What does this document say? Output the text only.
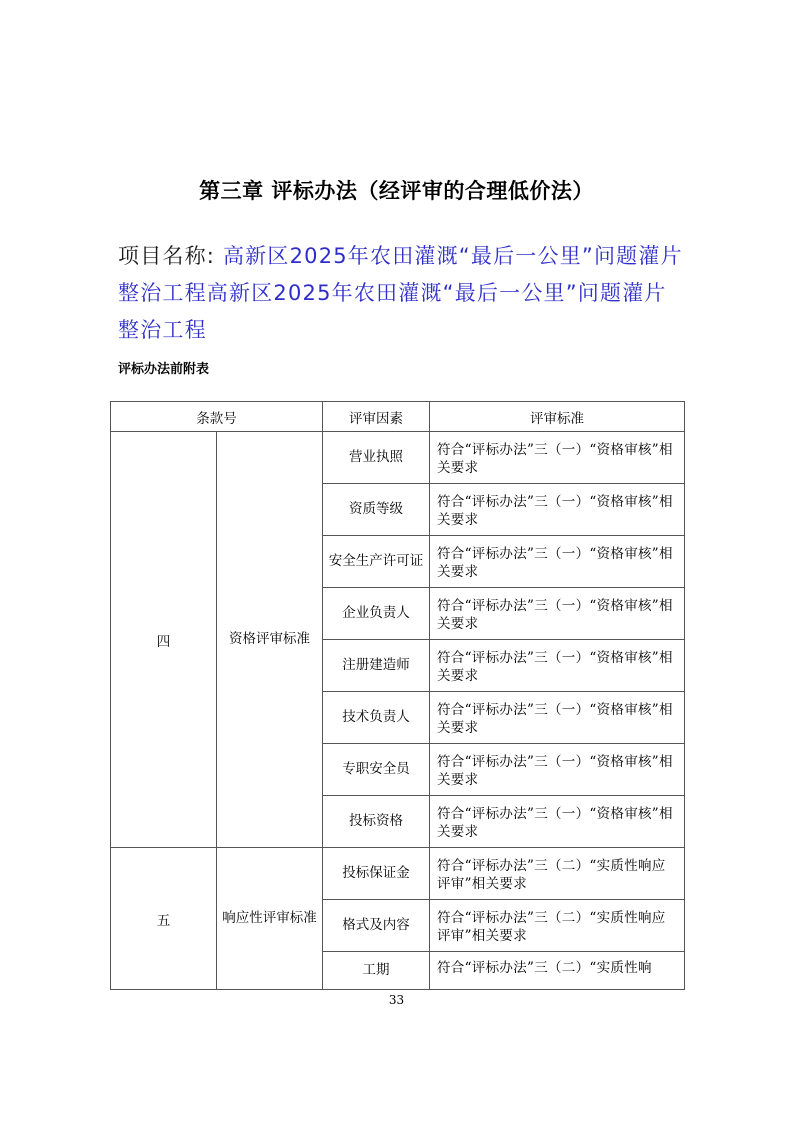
第三章 评标办法（经评审的合理低价法）
项目名称: 高新区2025年农田灌溉“最后一公里”问题灌片整治工程高新区2025年农田灌溉“最后一公里”问题灌片整治工程
评标办法前附表
条款号		评审因素	评审标准
四	资格评审标准	营业执照	符合“评标办法”三（一）“资格审核”相关要求
		资质等级	符合“评标办法”三（一）“资格审核”相关要求
		安全生产许可证	符合“评标办法”三（一）“资格审核”相关要求
		企业负责人	符合“评标办法”三（一）“资格审核”相关要求
		注册建造师	符合“评标办法”三（一）“资格审核”相关要求
		技术负责人	符合“评标办法”三（一）“资格审核”相关要求
		专职安全员	符合“评标办法”三（一）“资格审核”相关要求
		投标资格	符合“评标办法”三（一）“资格审核”相关要求
五	响应性评审标准	投标保证金	符合“评标办法”三（二）“实质性响应评审”相关要求
		格式及内容	符合“评标办法”三（二）“实质性响应评审”相关要求
		工期	符合“评标办法”三（二）“实质性响
33
